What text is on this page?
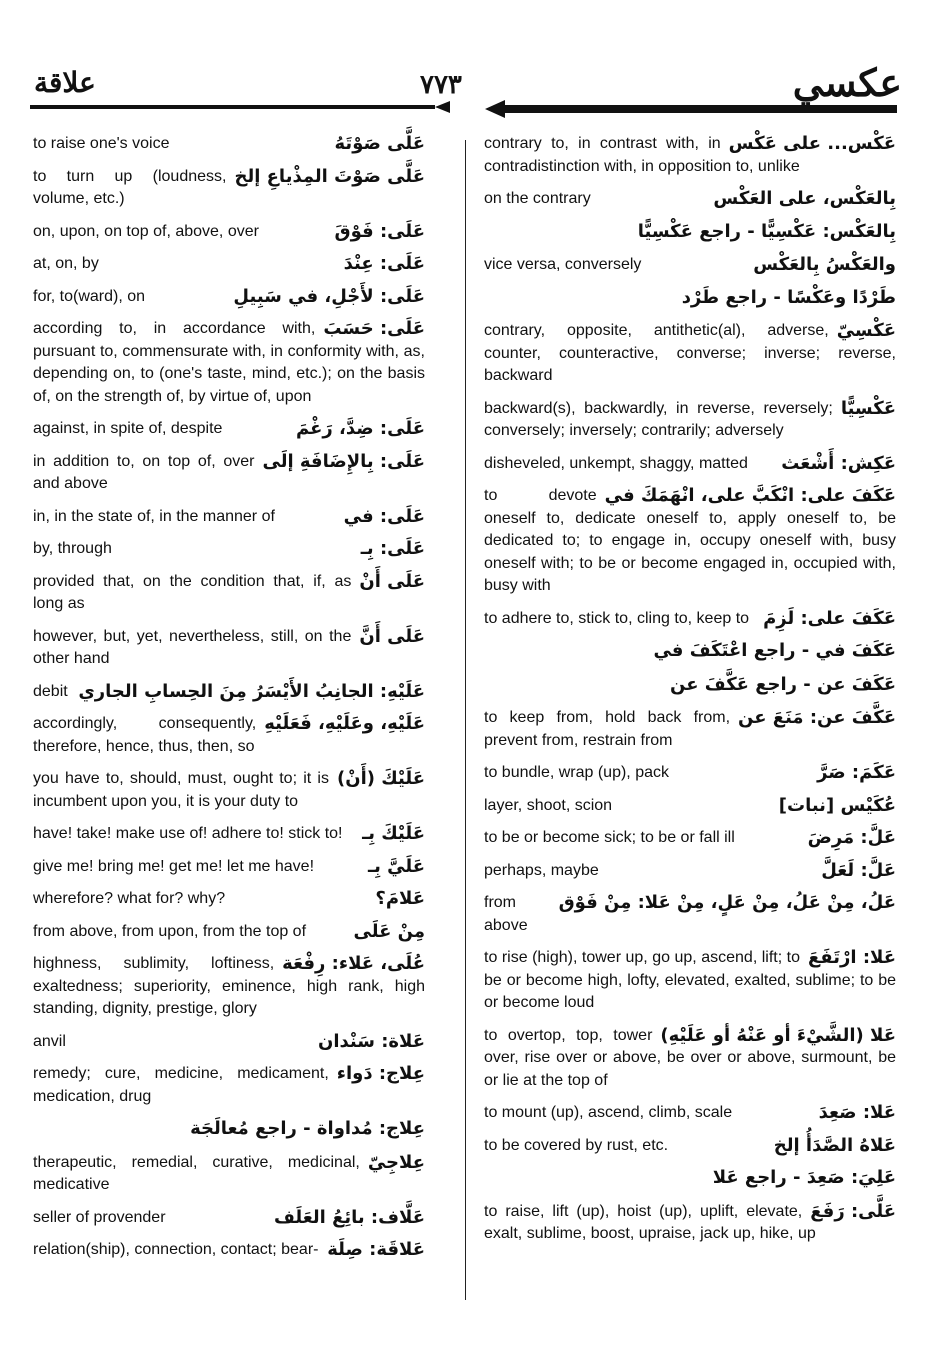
عكسي
٧٧٣
علاقة
عَلَّى صَوْتَهُ
to raise one's voice
عَلَّى صَوْتَ المِذْياعِ إلخ
to turn up (loudness, volume, etc.)
عَلَى: فَوْقَ
on, upon, on top of, above, over
عَلَى: عِنْدَ
at, on, by
عَلَى: لأَجْلِ، في سَبِيلِ
for, to(ward), on
عَلَى: حَسَبَ
according to, in accordance with, pursuant to, commensurate with, in conformity with, as, depending on, to (one's taste, mind, etc.); on the basis of, on the strength of, by virtue of, upon
عَلَى: ضِدَّ، رَغْمَ
against, in spite of, despite
عَلَى: بِالإِضَافَةِ إلَى
in addition to, on top of, over and above
عَلَى: في
in, in the state of, in the manner of
عَلَى: بِـ
by, through
عَلَى أَنْ
provided that, on the condition that, if, as long as
عَلَى أَنَّ
however, but, yet, nevertheless, still, on the other hand
عَلَيْهِ: الجانِبُ الأَيْسَرُ مِنَ الحِسابِ الجاري
debit
عَلَيْهِ، وعَلَيْهِ، فَعَلَيْهِ
accordingly, consequently, therefore, hence, thus, then, so
عَلَيْكَ (أَنْ)
you have to, should, must, ought to; it is incumbent upon you, it is your duty to
عَلَيْكَ بِـ
have! take! make use of! adhere to! stick to!
عَلَيَّ بِـ
give me! bring me! get me! let me have!
عَلامَ؟
wherefore? what for? why?
مِنْ عَلَى
from above, from upon, from the top of
عُلَى، عَلاء: رِفْعَة
highness, sublimity, loftiness, exaltedness; superiority, eminence, high rank, high standing, dignity, prestige, glory
عَلاة: سَنْدان
anvil
عِلاج: دَواء
remedy; cure, medicine, medicament, medication, drug
عِلاج: مُداواة - راجع مُعالَجَة
عِلاجِيّ
therapeutic, remedial, curative, medicinal, medicative
عَلَّاف: بائِعُ العَلَف
seller of provender
عَلاقَة: صِلَة
relation(ship), connection, contact; bear-
عَكْس... على عَكْس
contrary to, in contrast with, in contradistinction with, in opposition to, unlike
بِالعَكْس، على العَكْس
on the contrary
بِالعَكْس: عَكْسِيًّا - راجع عَكْسِيًّا
والعَكْسُ بِالعَكْس
vice versa, conversely
طَرْدًا وعَكْسًا - راجع طَرْد
عَكْسِيّ
contrary, opposite, antithetic(al), adverse, counter, counteractive, converse; inverse; reverse, backward
عَكْسِيًّا
backward(s), backwardly, in reverse, reversely; conversely; inversely; contrarily; adversely
عَكِش: أَشْعَث
disheveled, unkempt, shaggy, matted
عَكَفَ على: انْكَبَّ على، انْهَمَكَ في
to devote oneself to, dedicate oneself to, apply oneself to, be dedicated to; to engage in, occupy oneself with, busy oneself with; to be or become engaged in, occupied with, busy with
عَكَفَ على: لَزِمَ
to adhere to, stick to, cling to, keep to
عَكَفَ في - راجع اعْتَكَفَ في
عَكَفَ عن - راجع عَكَّفَ عن
عَكَّفَ عن: مَنَعَ عن
to keep from, hold back from, prevent from, restrain from
عَكَمَ: صَرَّ
to bundle, wrap (up), pack
عُكَيْس [نبات]
layer, shoot, scion
عَلَّ: مَرِضَ
to be or become sick; to be or fall ill
عَلَّ: لَعَلَّ
perhaps, maybe
عَلُ، مِنْ عَلُ، مِنْ عَلٍ، مِنْ عَلا: مِنْ فَوْق
from above
عَلا: ارْتَفَعَ
to rise (high), tower up, go up, ascend, lift; to be or become high, lofty, elevated, exalted, sublime; to be or become loud
عَلا (الشَّيْءَ أو عَنْهُ أو عَلَيْهِ)
to overtop, top, tower over, rise over or above, be over or above, surmount, be or lie at the top of
عَلا: صَعِدَ
to mount (up), ascend, climb, scale
عَلاهُ الصَّدَأُ إلخ
to be covered by rust, etc.
عَلِيَ: صَعِدَ - راجع عَلا
عَلَّى: رَفَعَ
to raise, lift (up), hoist (up), uplift, elevate, exalt, sublime, boost, upraise, jack up, hike, up
